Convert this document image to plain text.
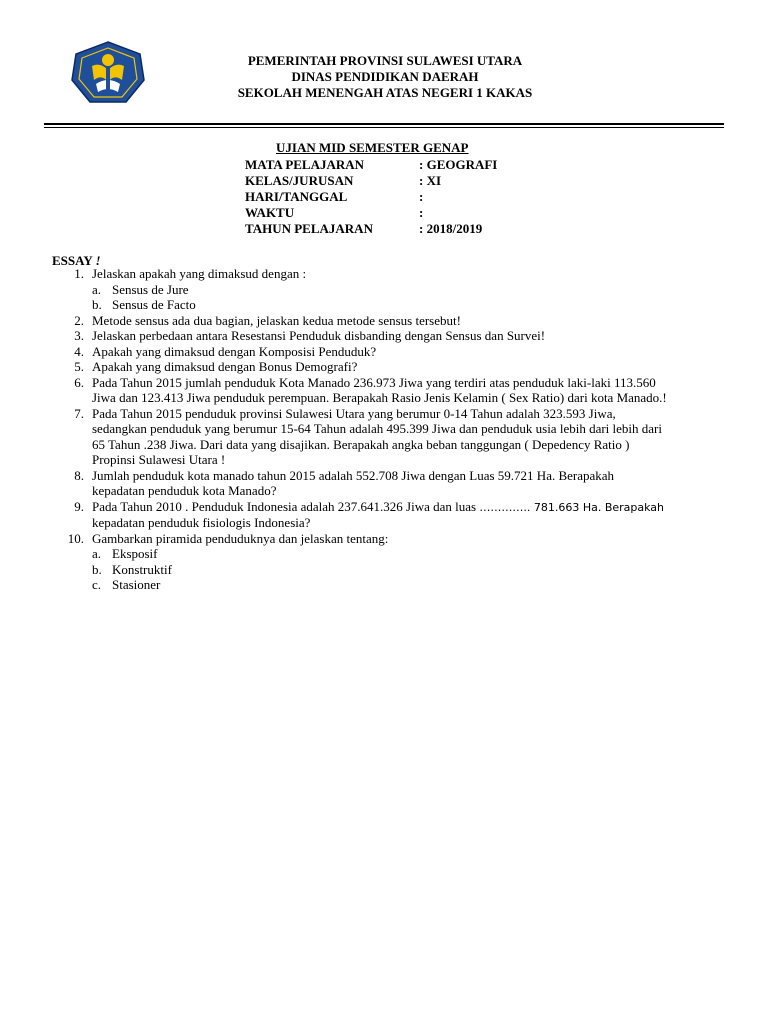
PEMERINTAH PROVINSI SULAWESI UTARA
DINAS PENDIDIKAN DAERAH
SEKOLAH MENENGAH ATAS NEGERI 1 KAKAS
UJIAN MID SEMESTER GENAP
MATA PELAJARAN	: GEOGRAFI
KELAS/JURUSAN	: XI
HARI/TANGGAL	:
WAKTU	:
TAHUN PELAJARAN	: 2018/2019
ESSAY !
1. Jelaskan apakah yang dimaksud dengan :
a. Sensus de Jure
b. Sensus de Facto
2. Metode sensus ada dua bagian, jelaskan kedua metode sensus tersebut!
3. Jelaskan perbedaan antara Resestansi Penduduk disbanding dengan Sensus dan Survei!
4. Apakah yang dimaksud dengan Komposisi Penduduk?
5. Apakah yang dimaksud dengan Bonus Demografi?
6. Pada Tahun 2015 jumlah penduduk Kota Manado 236.973 Jiwa yang terdiri atas penduduk laki-laki 113.560
Jiwa dan 123.413 Jiwa penduduk perempuan. Berapakah Rasio Jenis Kelamin ( Sex Ratio) dari kota Manado.!
7. Pada Tahun 2015 penduduk provinsi Sulawesi Utara yang berumur 0-14 Tahun adalah 323.593 Jiwa,
sedangkan penduduk yang berumur 15-64 Tahun adalah 495.399 Jiwa dan penduduk usia lebih dari lebih dari
65 Tahun .238 Jiwa. Dari data yang disajikan. Berapakah angka beban tanggungan ( Depedency Ratio )
Propinsi Sulawesi Utara !
8. Jumlah penduduk kota manado tahun 2015 adalah 552.708 Jiwa dengan Luas 59.721 Ha. Berapakah
kepadatan penduduk kota Manado?
9. Pada Tahun 2010 . Penduduk Indonesia adalah 237.641.326 Jiwa dan luas ………….. 781.663 Ha. Berapakah
kepadatan penduduk fisiologis Indonesia?
10. Gambarkan piramida penduduknya dan jelaskan tentang:
a. Eksposif
b. Konstruktif
c. Stasioner
